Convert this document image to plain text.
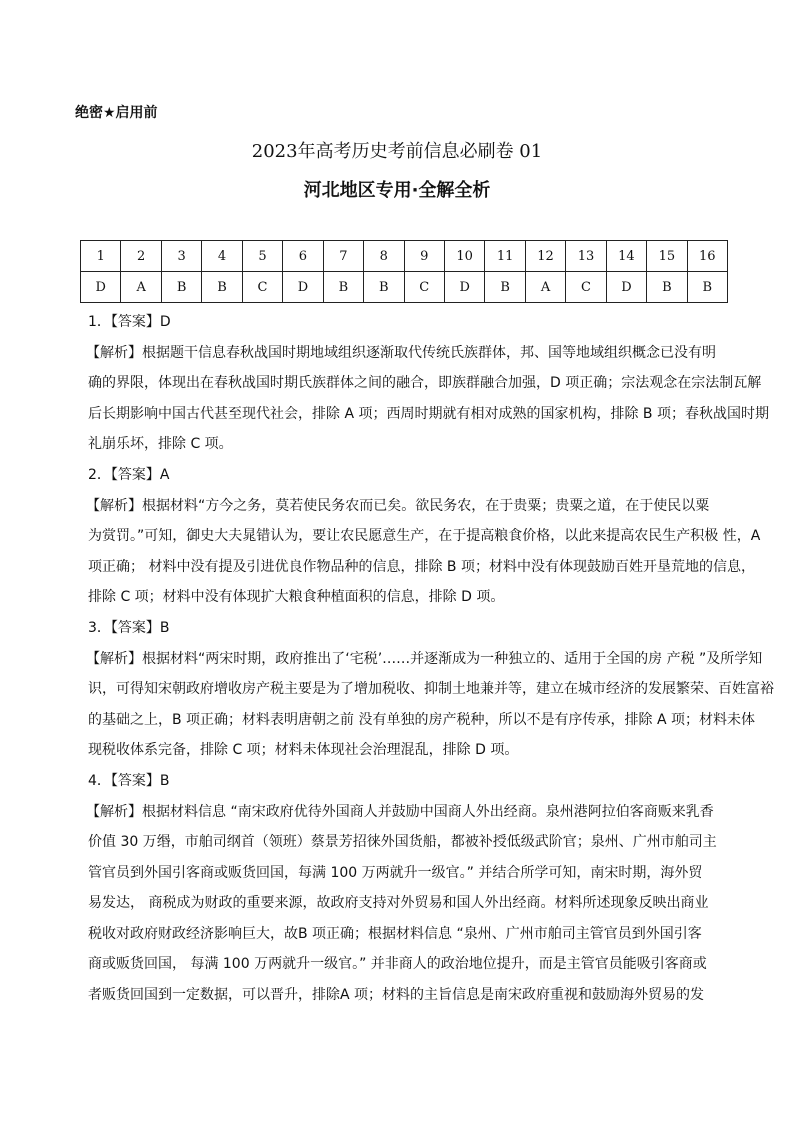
绝密★启用前
2023年高考历史考前信息必刷卷 01
河北地区专用·全解全析
1	2	3	4	5	6	7	8	9	10	11	12	13	14	15	16
D	A	B	B	C	D	B	B	C	D	B	A	C	D	B	B
1．【答案】D
【解析】根据题干信息春秋战国时期地域组织逐渐取代传统氏族群体，邦、国等地域组织概念已没有明
确的界限，体现出在春秋战国时期氏族群体之间的融合，即族群融合加强，D 项正确；宗法观念在宗法制瓦解
后长期影响中国古代甚至现代社会，排除 A 项；西周时期就有相对成熟的国家机构，排除 B 项；春秋战国时期
礼崩乐坏，排除 C 项。
2．【答案】A
【解析】根据材料“方今之务，莫若使民务农而已矣。欲民务农，在于贵粟；贵粟之道，在于使民以粟
为赏罚。”可知，御史大夫晁错认为，要让农民愿意生产，在于提高粮食价格，以此来提高农民生产积极 性，A
项正确； 材料中没有提及引进优良作物品种的信息，排除 B 项；材料中没有体现鼓励百姓开垦荒地的信息，
排除 C 项；材料中没有体现扩大粮食种植面积的信息，排除 D 项。
3．【答案】B
【解析】根据材料“两宋时期，政府推出了‘宅税’……并逐渐成为一种独立的、适用于全国的房 产税 ”及所学知
识，可得知宋朝政府增收房产税主要是为了增加税收、抑制土地兼并等，建立在城市经济的发展繁荣、百姓富裕
的基础之上，B 项正确；材料表明唐朝之前 没有单独的房产税种，所以不是有序传承，排除 A 项；材料未体
现税收体系完备，排除 C 项；材料未体现社会治理混乱，排除 D 项。
4．【答案】B
【解析】根据材料信息 “南宋政府优待外国商人并鼓励中国商人外出经商。泉州港阿拉伯客商贩来乳香
价值 30 万缗，市舶司纲首（领班）蔡景芳招徕外国货船，都被补授低级武阶官；泉州、广州市舶司主
管官员到外国引客商或贩货回国，每满 100 万两就升一级官。” 并结合所学可知，南宋时期，海外贸
易发达， 商税成为财政的重要来源，故政府支持对外贸易和国人外出经商。材料所述现象反映出商业
税收对政府财政经济影响巨大，故B 项正确；根据材料信息 “泉州、广州市舶司主管官员到外国引客
商或贩货回国， 每满 100 万两就升一级官。” 并非商人的政治地位提升，而是主管官员能吸引客商或
者贩货回国到一定数据，可以晋升，排除A 项；材料的主旨信息是南宋政府重视和鼓励海外贸易的发
